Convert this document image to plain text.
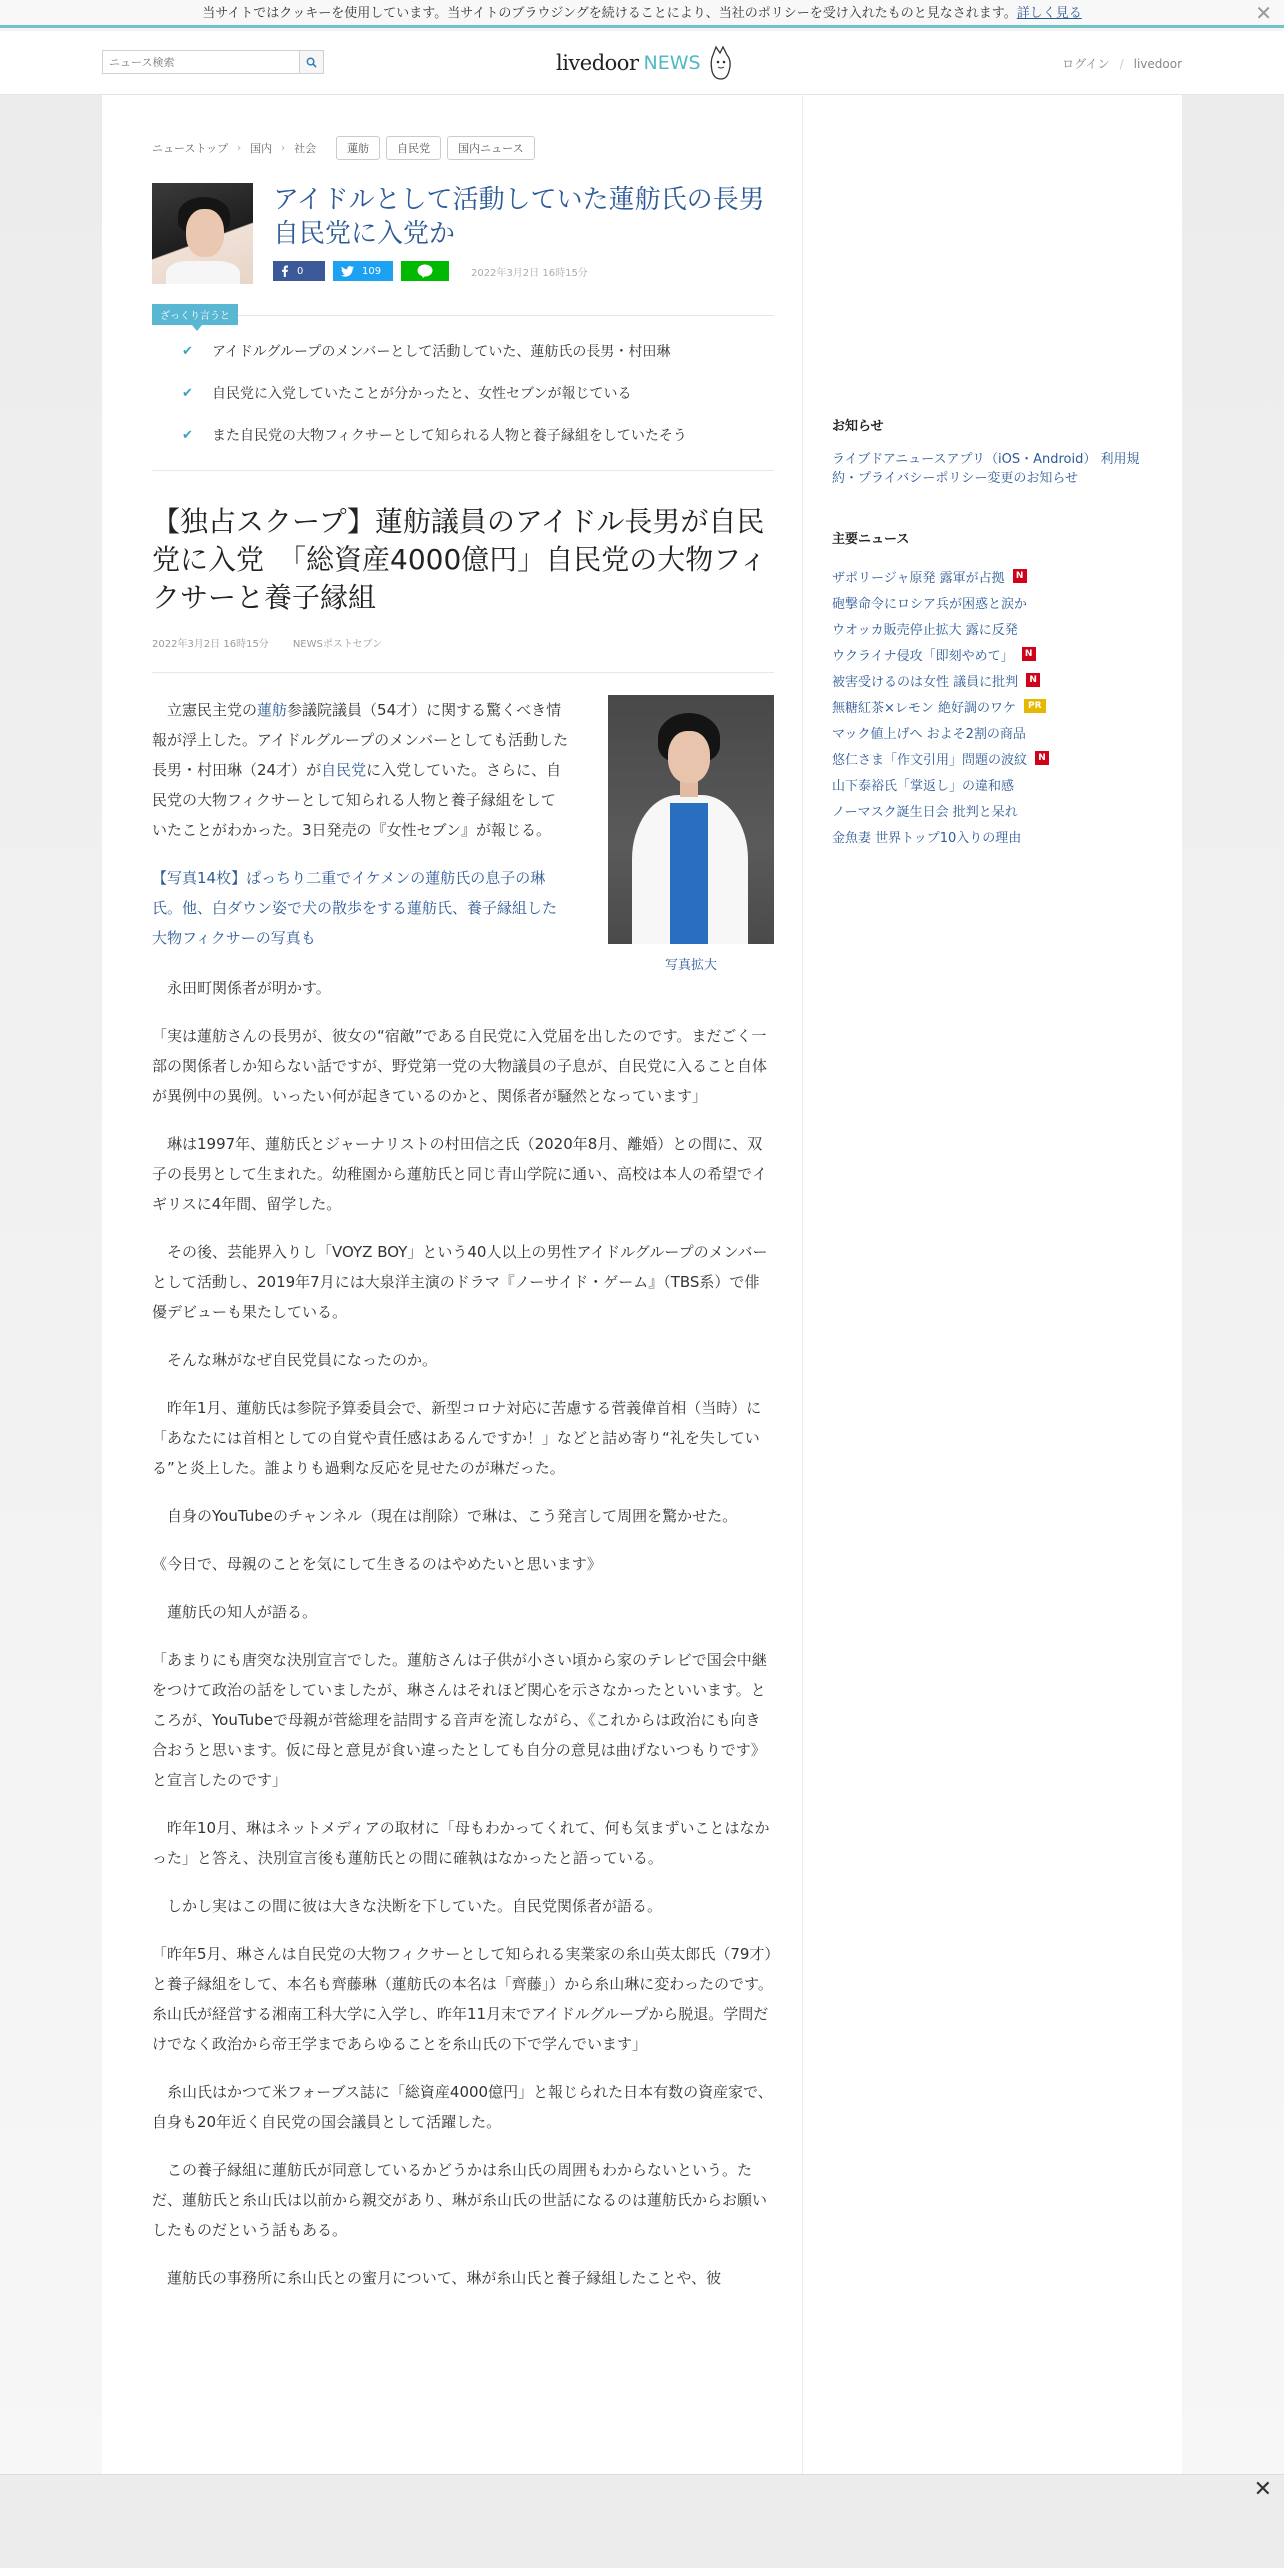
当サイトではクッキーを使用しています。当サイトのブラウジングを続けることにより、当社のポリシーを受け入れたものと見なされます。詳しく見る	✕
ニュース検索
livedoor NEWS	ログイン / livedoor
ニューストップ › 国内 › 社会	蓮舫	自民党	国内ニュース
アイドルとして活動していた蓮舫氏の長男 自民党に入党か
0	109	2022年3月2日 16時15分
ざっくり言うと
✔	アイドルグループのメンバーとして活動していた、蓮舫氏の長男・村田琳
✔	自民党に入党していたことが分かったと、女性セブンが報じている
✔	また自民党の大物フィクサーとして知られる人物と養子縁組をしていたそう
【独占スクープ】蓮舫議員のアイドル長男が自民党に入党　「総資産4000億円」自民党の大物フィクサーと養子縁組
2022年3月2日 16時15分 NEWSポストセブン

立憲民主党の蓮舫参議院議員（54才）に関する驚くべき情報が浮上した。アイドルグループのメンバーとしても活動した長男・村田琳（24才）が自民党に入党していた。さらに、自民党の大物フィクサーとして知られる人物と養子縁組をしていたことがわかった。3日発売の『女性セブン』が報じる。

【写真14枚】ぱっちり二重でイケメンの蓮舫氏の息子の琳氏。他、白ダウン姿で犬の散歩をする蓮舫氏、養子縁組した大物フィクサーの写真も

写真拡大

永田町関係者が明かす。

「実は蓮舫さんの長男が、彼女の“宿敵”である自民党に入党届を出したのです。まだごく一部の関係者しか知らない話ですが、野党第一党の大物議員の子息が、自民党に入ること自体が異例中の異例。いったい何が起きているのかと、関係者が騒然となっています」

琳は1997年、蓮舫氏とジャーナリストの村田信之氏（2020年8月、離婚）との間に、双子の長男として生まれた。幼稚園から蓮舫氏と同じ青山学院に通い、高校は本人の希望でイギリスに4年間、留学した。

その後、芸能界入りし「VOYZ BOY」という40人以上の男性アイドルグループのメンバーとして活動し、2019年7月には大泉洋主演のドラマ『ノーサイド・ゲーム』（TBS系）で俳優デビューも果たしている。

そんな琳がなぜ自民党員になったのか。

昨年1月、蓮舫氏は参院予算委員会で、新型コロナ対応に苦慮する菅義偉首相（当時）に「あなたには首相としての自覚や責任感はあるんですか！」などと詰め寄り“礼を失している”と炎上した。誰よりも過剰な反応を見せたのが琳だった。

自身のYouTubeのチャンネル（現在は削除）で琳は、こう発言して周囲を驚かせた。

《今日で、母親のことを気にして生きるのはやめたいと思います》

蓮舫氏の知人が語る。

「あまりにも唐突な決別宣言でした。蓮舫さんは子供が小さい頃から家のテレビで国会中継をつけて政治の話をしていましたが、琳さんはそれほど関心を示さなかったといいます。ところが、YouTubeで母親が菅総理を詰問する音声を流しながら、《これからは政治にも向き合おうと思います。仮に母と意見が食い違ったとしても自分の意見は曲げないつもりです》と宣言したのです」

昨年10月、琳はネットメディアの取材に「母もわかってくれて、何も気まずいことはなかった」と答え、決別宣言後も蓮舫氏との間に確執はなかったと語っている。

しかし実はこの間に彼は大きな決断を下していた。自民党関係者が語る。

「昨年5月、琳さんは自民党の大物フィクサーとして知られる実業家の糸山英太郎氏（79才）と養子縁組をして、本名も齊藤琳（蓮舫氏の本名は「齊藤」）から糸山琳に変わったのです。糸山氏が経営する湘南工科大学に入学し、昨年11月末でアイドルグループから脱退。学問だけでなく政治から帝王学まであらゆることを糸山氏の下で学んでいます」

糸山氏はかつて米フォーブス誌に「総資産4000億円」と報じられた日本有数の資産家で、自身も20年近く自民党の国会議員として活躍した。

この養子縁組に蓮舫氏が同意しているかどうかは糸山氏の周囲もわからないという。ただ、蓮舫氏と糸山氏は以前から親交があり、琳が糸山氏の世話になるのは蓮舫氏からお願いしたものだという話もある。

蓮舫氏の事務所に糸山氏との蜜月について、琳が糸山氏と養子縁組したことや、彼

お知らせ
ライブドアニュースアプリ（iOS・Android） 利用規約・プライバシーポリシー変更のお知らせ
主要ニュース
ザポリージャ原発 露軍が占拠	N
砲撃命令にロシア兵が困惑と涙か
ウオッカ販売停止拡大 露に反発
ウクライナ侵攻「即刻やめて」	N
被害受けるのは女性 議員に批判	N
無糖紅茶×レモン 絶好調のワケ	PR
マック値上げへ およそ2割の商品
悠仁さま「作文引用」問題の波紋	N
山下泰裕氏「掌返し」の違和感
ノーマスク誕生日会 批判と呆れ
金魚妻 世界トップ10入りの理由
✕
